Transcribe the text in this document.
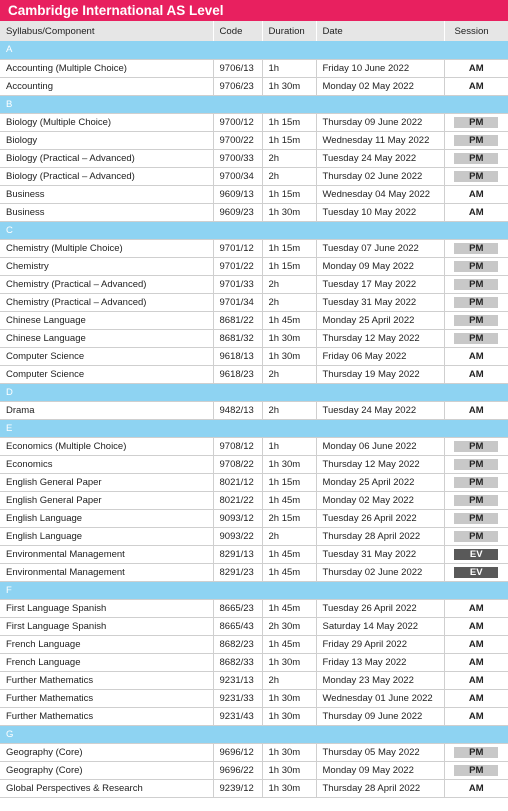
Cambridge International AS Level
Syllabus/Component	Code	Duration	Date	Session
A				
Accounting (Multiple Choice)	9706/13	1h	Friday 10 June 2022	AM
Accounting	9706/23	1h 30m	Monday 02 May 2022	AM
B				
Biology (Multiple Choice)	9700/12	1h 15m	Thursday 09 June 2022	PM
Biology	9700/22	1h 15m	Wednesday 11 May 2022	PM
Biology (Practical – Advanced)	9700/33	2h	Tuesday 24 May 2022	PM
Biology (Practical – Advanced)	9700/34	2h	Thursday 02 June 2022	PM
Business	9609/13	1h 15m	Wednesday 04 May 2022	AM
Business	9609/23	1h 30m	Tuesday 10 May 2022	AM
C				
Chemistry (Multiple Choice)	9701/12	1h 15m	Tuesday 07 June 2022	PM
Chemistry	9701/22	1h 15m	Monday 09 May 2022	PM
Chemistry (Practical – Advanced)	9701/33	2h	Tuesday 17 May 2022	PM
Chemistry (Practical – Advanced)	9701/34	2h	Tuesday 31 May 2022	PM
Chinese Language	8681/22	1h 45m	Monday 25 April 2022	PM
Chinese Language	8681/32	1h 30m	Thursday 12 May 2022	PM
Computer Science	9618/13	1h 30m	Friday 06 May 2022	AM
Computer Science	9618/23	2h	Thursday 19 May 2022	AM
D				
Drama	9482/13	2h	Tuesday 24 May 2022	AM
E				
Economics (Multiple Choice)	9708/12	1h	Monday 06 June 2022	PM
Economics	9708/22	1h 30m	Thursday 12 May 2022	PM
English General Paper	8021/12	1h 15m	Monday 25 April 2022	PM
English General Paper	8021/22	1h 45m	Monday 02 May 2022	PM
English Language	9093/12	2h 15m	Tuesday 26 April 2022	PM
English Language	9093/22	2h	Thursday 28 April 2022	PM
Environmental Management	8291/13	1h 45m	Tuesday 31 May 2022	EV
Environmental Management	8291/23	1h 45m	Thursday 02 June 2022	EV
F				
First Language Spanish	8665/23	1h 45m	Tuesday 26 April 2022	AM
First Language Spanish	8665/43	2h 30m	Saturday 14 May 2022	AM
French Language	8682/23	1h 45m	Friday 29 April 2022	AM
French Language	8682/33	1h 30m	Friday 13 May 2022	AM
Further Mathematics	9231/13	2h	Monday 23 May 2022	AM
Further Mathematics	9231/33	1h 30m	Wednesday 01 June 2022	AM
Further Mathematics	9231/43	1h 30m	Thursday 09 June 2022	AM
G				
Geography (Core)	9696/12	1h 30m	Thursday 05 May 2022	PM
Geography (Core)	9696/22	1h 30m	Monday 09 May 2022	PM
Global Perspectives & Research	9239/12	1h 30m	Thursday 28 April 2022	AM
